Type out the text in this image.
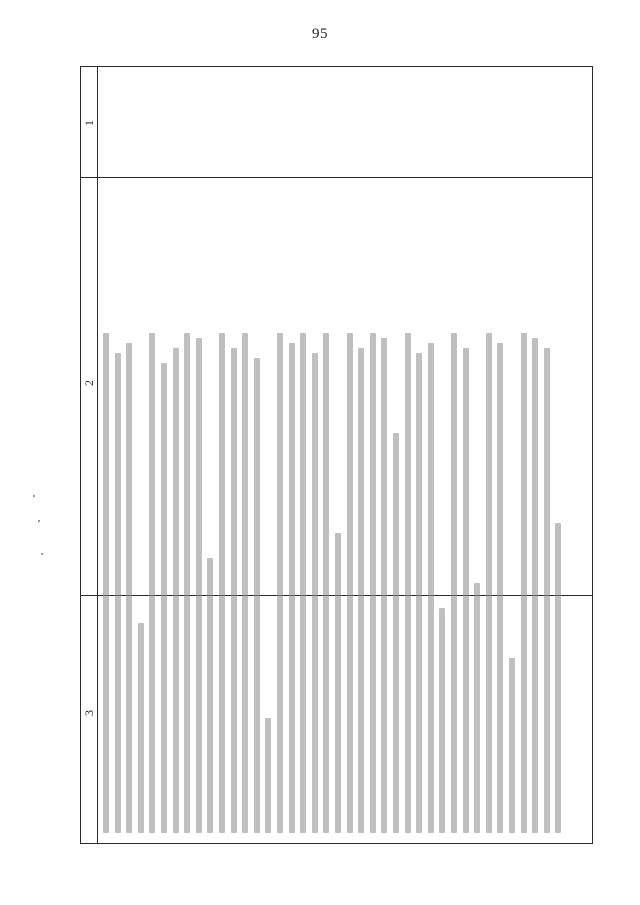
95
1
2
3
